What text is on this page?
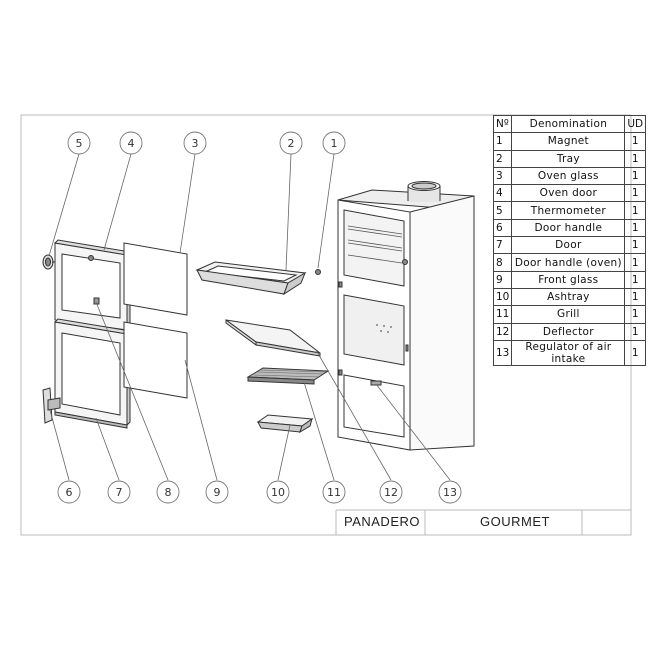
5	4	3	2	1
6	7	8	9	10	11	12	13
Nº	Denomination	UD
1	Magnet	1
2	Tray	1
3	Oven glass	1
4	Oven door	1
5	Thermometer	1
6	Door handle	1
7	Door	1
8	Door handle (oven)	1
9	Front glass	1
10	Ashtray	1
11	Grill	1
12	Deflector	1
13	Regulator of air intake	1
PANADERO	GOURMET
